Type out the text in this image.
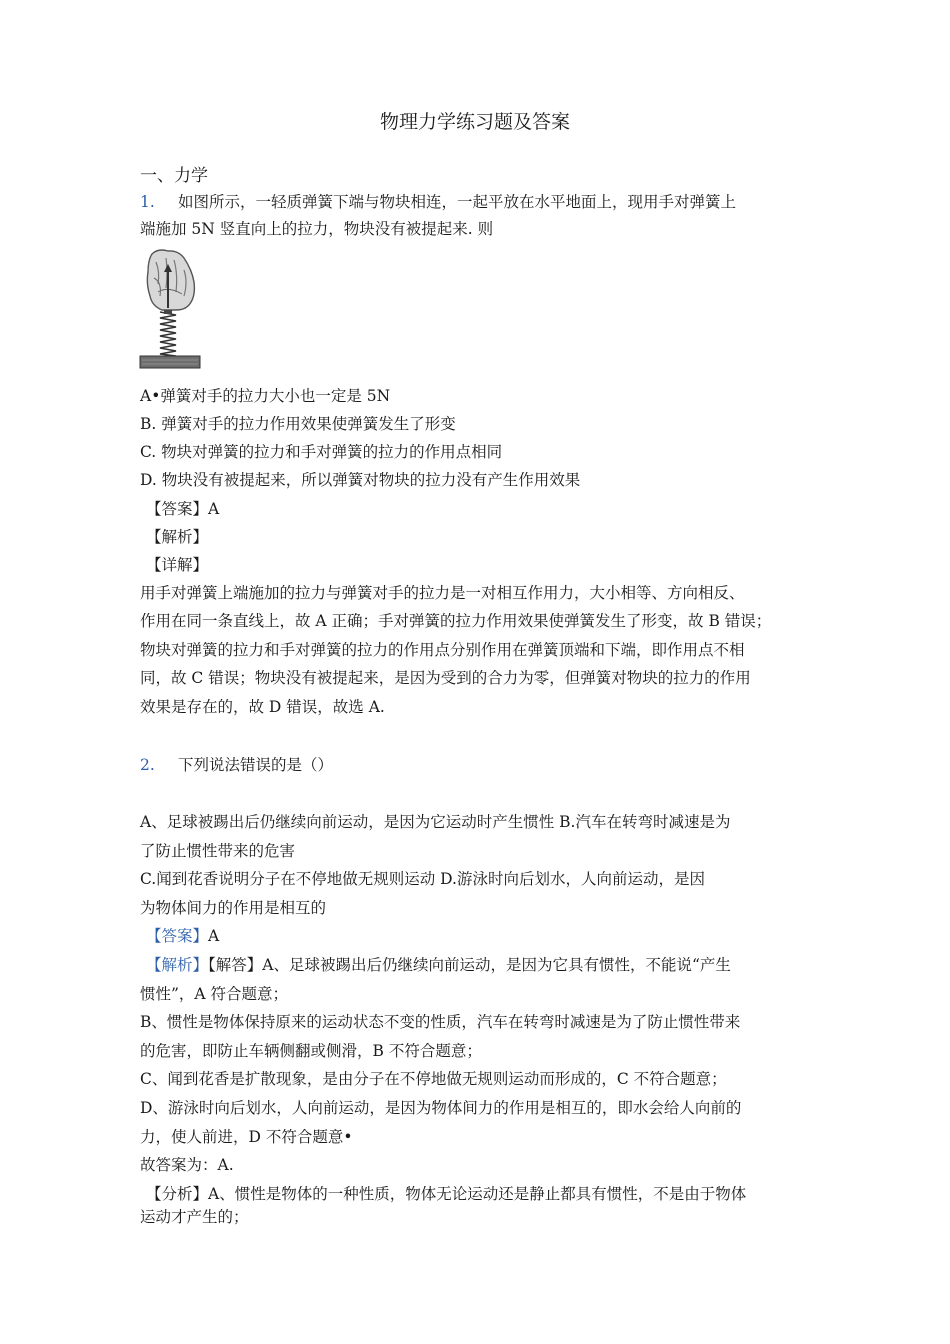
物理力学练习题及答案
一、力学
1. 如图所示，一轻质弹簧下端与物块相连，一起平放在水平地面上，现用手对弹簧上
端施加 5N 竖直向上的拉力，物块没有被提起来. 则
A•弹簧对手的拉力大小也一定是 5N
B. 弹簧对手的拉力作用效果使弹簧发生了形变
C. 物块对弹簧的拉力和手对弹簧的拉力的作用点相同
D. 物块没有被提起来，所以弹簧对物块的拉力没有产生作用效果
【答案】A
【解析】
【详解】
用手对弹簧上端施加的拉力与弹簧对手的拉力是一对相互作用力，大小相等、方向相反、
作用在同一条直线上，故 A 正确；手对弹簧的拉力作用效果使弹簧发生了形变，故 B 错误；
物块对弹簧的拉力和手对弹簧的拉力的作用点分别作用在弹簧顶端和下端，即作用点不相
同，故 C 错误；物块没有被提起来，是因为受到的合力为零，但弹簧对物块的拉力的作用
效果是存在的，故 D 错误，故选 A.
2. 下列说法错误的是（）
A、足球被踢出后仍继续向前运动，是因为它运动时产生惯性 B.汽车在转弯时减速是为
了防止惯性带来的危害
C.闻到花香说明分子在不停地做无规则运动 D.游泳时向后划水，人向前运动，是因
为物体间力的作用是相互的
【答案】A
【解析】【解答】A、足球被踢出后仍继续向前运动，是因为它具有惯性，不能说“产生
惯性”，A 符合题意；
B、惯性是物体保持原来的运动状态不变的性质，汽车在转弯时减速是为了防止惯性带来
的危害，即防止车辆侧翻或侧滑，B 不符合题意；
C、闻到花香是扩散现象，是由分子在不停地做无规则运动而形成的，C 不符合题意；
D、游泳时向后划水，人向前运动，是因为物体间力的作用是相互的，即水会给人向前的
力，使人前进，D 不符合题意•
故答案为：A.
【分析】A、惯性是物体的一种性质，物体无论运动还是静止都具有惯性，不是由于物体
运动才产生的；
